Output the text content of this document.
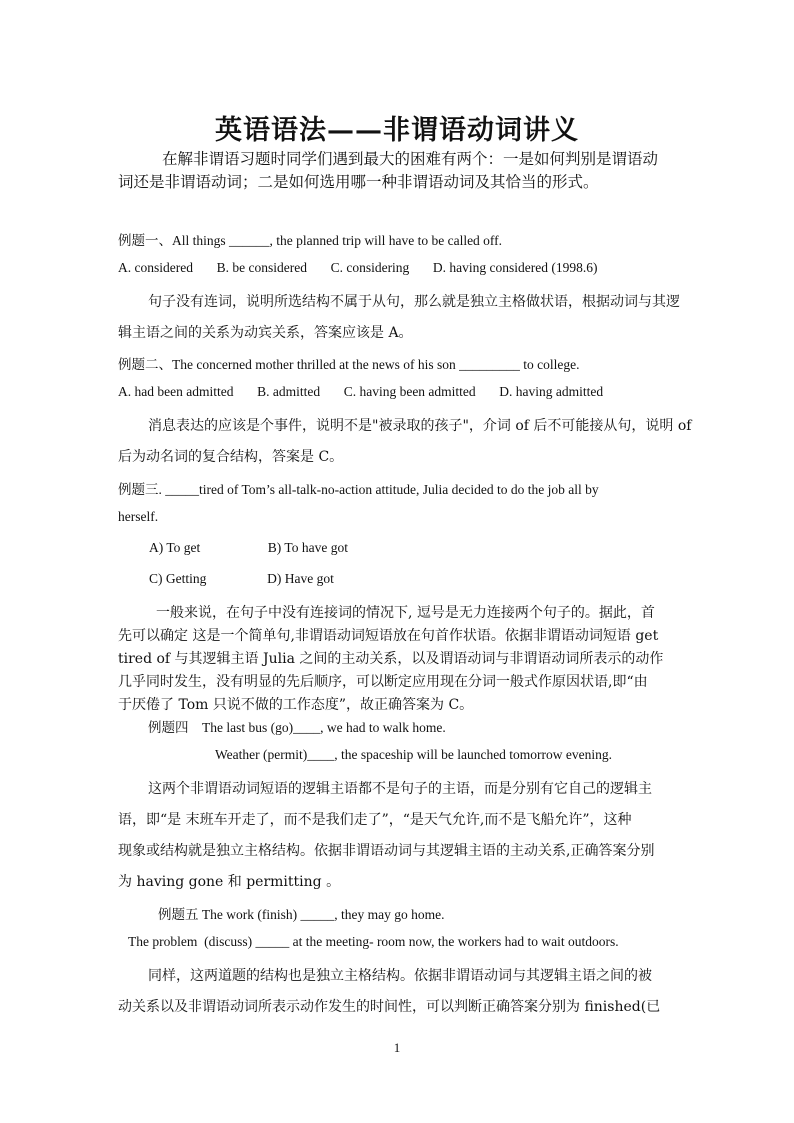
英语语法——非谓语动词讲义
在解非谓语习题时同学们遇到最大的困难有两个：一是如何判别是谓语动
词还是非谓语动词；二是如何选用哪一种非谓语动词及其恰当的形式。
例题一、All things ______, the planned trip will have to be called off.
A. considered       B. be considered       C. considering       D. having considered (1998.6)
句子没有连词，说明所选结构不属于从句，那么就是独立主格做状语，根据动词与其逻
辑主语之间的关系为动宾关系，答案应该是 A。
例题二、The concerned mother thrilled at the news of his son _________ to college.
A. had been admitted       B. admitted       C. having been admitted       D. having admitted
消息表达的应该是个事件，说明不是"被录取的孩子"，介词 of 后不可能接从句，说明 of
后为动名词的复合结构，答案是 C。
例题三. _____tired of Tom’s all-talk-no-action attitude, Julia decided to do the job all by
herself.
A) To get                    B) To have got
C) Getting                  D) Have got
一般来说，在句子中没有连接词的情况下, 逗号是无力连接两个句子的。据此，首
先可以确定 这是一个简单句,非谓语动词短语放在句首作状语。依据非谓语动词短语 get
tired of 与其逻辑主语 Julia 之间的主动关系，以及谓语动词与非谓语动词所表示的动作
几乎同时发生，没有明显的先后顺序，可以断定应用现在分词一般式作原因状语,即“由
于厌倦了 Tom 只说不做的工作态度”，故正确答案为 C。
例题四    The last bus (go)____, we had to walk home.
Weather (permit)____, the spaceship will be launched tomorrow evening.
这两个非谓语动词短语的逻辑主语都不是句子的主语，而是分别有它自己的逻辑主
语，即“是 末班车开走了，而不是我们走了”，“是天气允许,而不是飞船允许”，这种
现象或结构就是独立主格结构。依据非谓语动词与其逻辑主语的主动关系,正确答案分别
为 having gone 和 permitting 。
例题五 The work (finish) _____, they may go home.
The problem  (discuss) _____ at the meeting- room now, the workers had to wait outdoors.
同样，这两道题的结构也是独立主格结构。依据非谓语动词与其逻辑主语之间的被
动关系以及非谓语动词所表示动作发生的时间性，可以判断正确答案分别为 finished(已
1
